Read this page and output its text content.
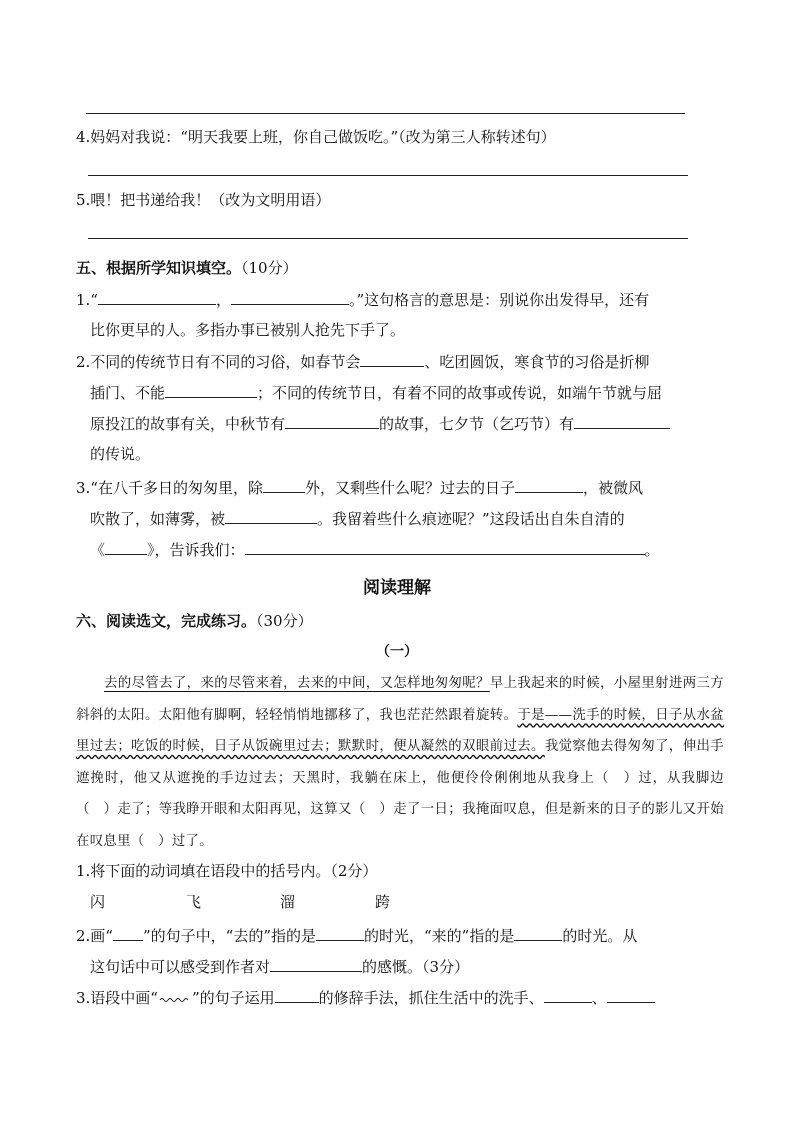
4.妈妈对我说：“明天我要上班，你自己做饭吃。”（改为第三人称转述句）
5.喂！把书递给我！（改为文明用语）
五、根据所学知识填空。（10分）
1.“	，	。”这句格言的意思是：别说你出发得早，还有
比你更早的人。多指办事已被别人抢先下手了。
2.不同的传统节日有不同的习俗，如春节会	、吃团圆饭，寒食节的习俗是折柳
插门、不能	；不同的传统节日，有着不同的故事或传说，如端午节就与屈
原投江的故事有关，中秋节有	的故事，七夕节（乞巧节）有
的传说。
3.“在八千多日的匆匆里，除	外，又剩些什么呢？过去的日子	，被微风
吹散了，如薄雾，被	。我留着些什么痕迹呢？”这段话出自朱自清的
《	》，告诉我们：	。
阅读理解
六、阅读选文，完成练习。（30分）
（一）
去的尽管去了，来的尽管来着，去来的中间，又怎样地匆匆呢？早上我起来的时候，小屋里射进两三方斜斜的太阳。太阳他有脚啊，轻轻悄悄地挪移了，我也茫茫然跟着旋转。于是——洗手的时候，日子从水盆里过去；吃饭的时候，日子从饭碗里过去；默默时，便从凝然的双眼前过去。我觉察他去得匆匆了，伸出手遮挽时，他又从遮挽的手边过去；天黑时，我躺在床上，他便伶伶俐俐地从我身上（　）过，从我脚边（　）走了；等我睁开眼和太阳再见，这算又（　）走了一日；我掩面叹息，但是新来的日子的影儿又开始在叹息里（　）过了。
1.将下面的动词填在语段中的括号内。（2分）
闪	飞	溜	跨
2.画“ ”的句子中，“去的”指的是	的时光，“来的”指的是	的时光。从
这句话中可以感受到作者对	的感慨。（3分）
3.语段中画“ ”的句子运用	的修辞手法，抓住生活中的洗手、	、
